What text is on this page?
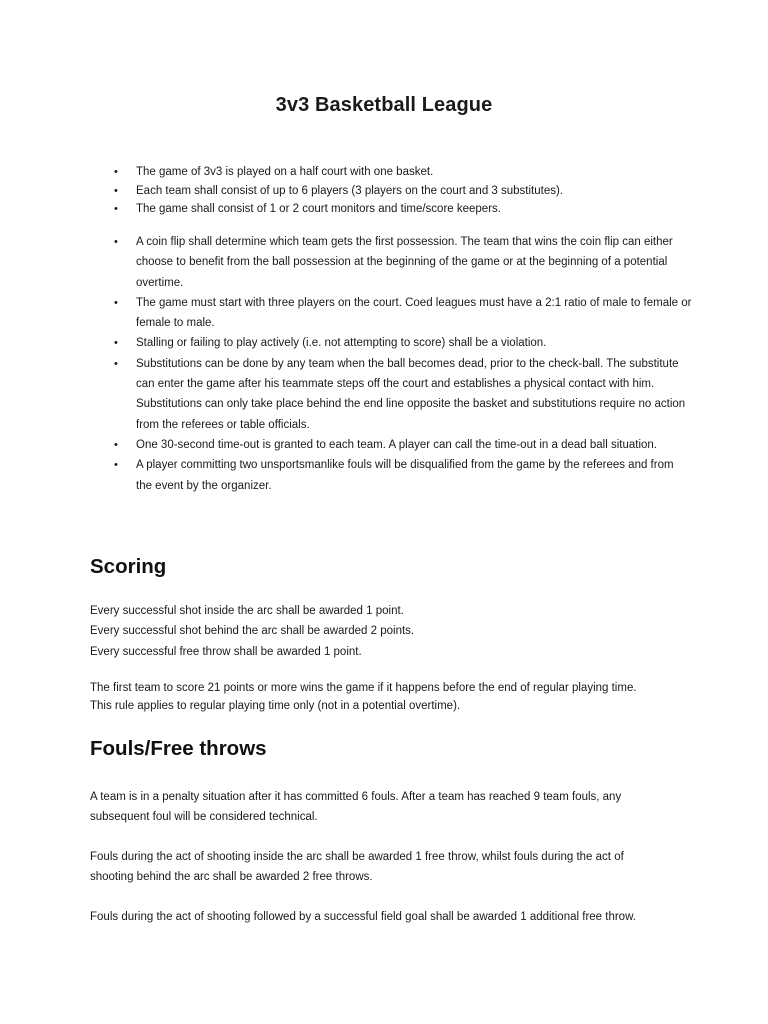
3v3 Basketball League
• The game of 3v3 is played on a half court with one basket.
• Each team shall consist of up to 6 players (3 players on the court and 3 substitutes).
• The game shall consist of 1 or 2 court monitors and time/score keepers.
• A coin flip shall determine which team gets the first possession. The team that wins the coin flip can either choose to benefit from the ball possession at the beginning of the game or at the beginning of a potential overtime.
• The game must start with three players on the court. Coed leagues must have a 2:1 ratio of male to female or female to male.
• Stalling or failing to play actively (i.e. not attempting to score) shall be a violation.
• Substitutions can be done by any team when the ball becomes dead, prior to the check-ball. The substitute can enter the game after his teammate steps off the court and establishes a physical contact with him. Substitutions can only take place behind the end line opposite the basket and substitutions require no action from the referees or table officials.
• One 30-second time-out is granted to each team. A player can call the time-out in a dead ball situation.
• A player committing two unsportsmanlike fouls will be disqualified from the game by the referees and from the event by the organizer.
Scoring

Every successful shot inside the arc shall be awarded 1 point.
Every successful shot behind the arc shall be awarded 2 points.
Every successful free throw shall be awarded 1 point.

The first team to score 21 points or more wins the game if it happens before the end of regular playing time.
This rule applies to regular playing time only (not in a potential overtime).

Fouls/Free throws

A team is in a penalty situation after it has committed 6 fouls. After a team has reached 9 team fouls, any
subsequent foul will be considered technical.

Fouls during the act of shooting inside the arc shall be awarded 1 free throw, whilst fouls during the act of
shooting behind the arc shall be awarded 2 free throws.

Fouls during the act of shooting followed by a successful field goal shall be awarded 1 additional free throw.
